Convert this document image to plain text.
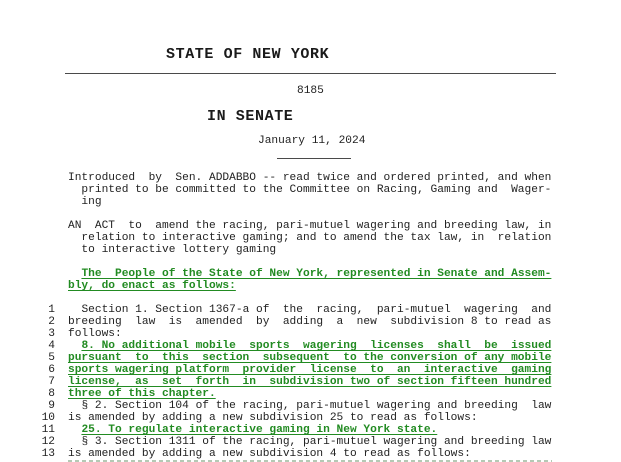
STATE OF NEW YORK
8185
IN SENATE
January 11, 2024
Introduced  by  Sen. ADDABBO -- read twice and ordered printed, and when
printed to be committed to the Committee on Racing, Gaming and  Wager-
ing
AN  ACT  to  amend the racing, pari-mutuel wagering and breeding law, in
relation to interactive gaming; and to amend the tax law, in  relation
to interactive lottery gaming
The  People of the State of New York, represented in Senate and Assem-
bly, do enact as follows:
1 Section 1. Section 1367-a of  the  racing,  pari-mutuel  wagering  and
2 breeding  law  is  amended  by  adding  a  new  subdivision 8 to read as
3 follows:
4 8. No additional mobile  sports  wagering  licenses  shall  be  issued
5 pursuant  to  this  section  subsequent  to the conversion of any mobile
6 sports wagering platform  provider  license  to  an  interactive  gaming
7 license,  as  set  forth  in  subdivision two of section fifteen hundred
8 three of this chapter.
9 § 2. Section 104 of the racing, pari-mutuel wagering and breeding  law
10 is amended by adding a new subdivision 25 to read as follows:
11 25. To regulate interactive gaming in New York state.
12 § 3. Section 1311 of the racing, pari-mutuel wagering and breeding law
13 is amended by adding a new subdivision 4 to read as follows:
